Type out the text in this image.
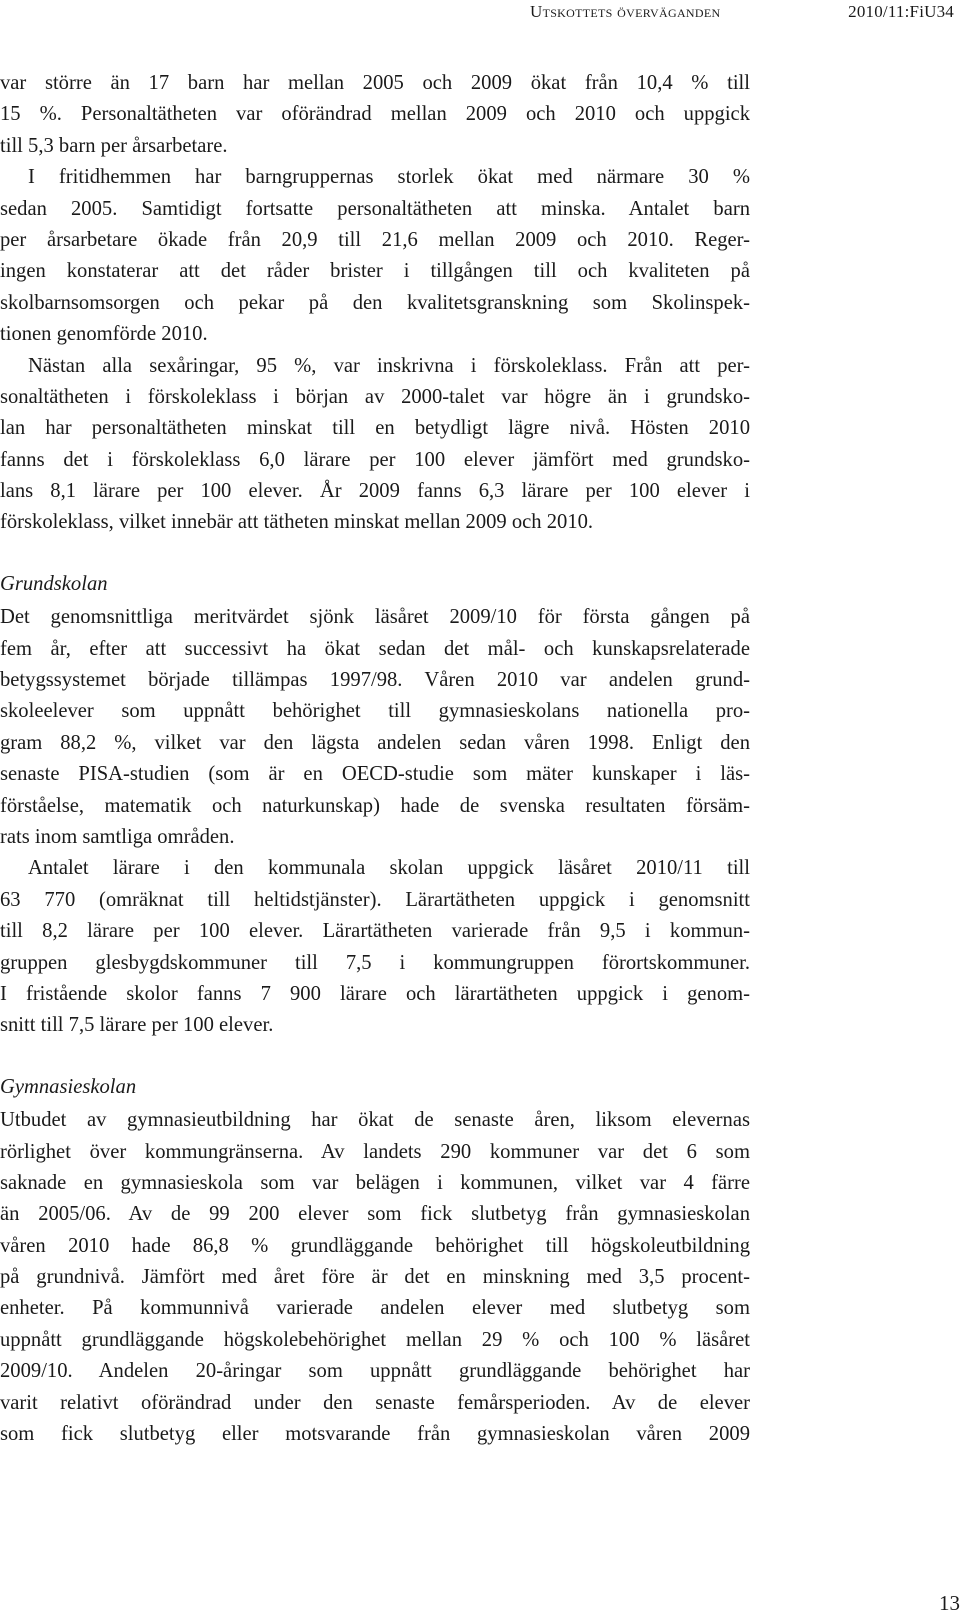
Utskottets överväganden	2010/11:FiU34
var större än 17 barn har mellan 2005 och 2009 ökat från 10,4 % till
15 %. Personaltätheten var oförändrad mellan 2009 och 2010 och uppgick
till 5,3 barn per årsarbetare.
I fritidhemmen har barngruppernas storlek ökat med närmare 30 %
sedan 2005. Samtidigt fortsatte personaltätheten att minska. Antalet barn
per årsarbetare ökade från 20,9 till 21,6 mellan 2009 och 2010. Reger-
ingen konstaterar att det råder brister i tillgången till och kvaliteten på
skolbarnsomsorgen och pekar på den kvalitetsgranskning som Skolinspek-
tionen genomförde 2010.
Nästan alla sexåringar, 95 %, var inskrivna i förskoleklass. Från att per-
sonaltätheten i förskoleklass i början av 2000-talet var högre än i grundsko-
lan har personaltätheten minskat till en betydligt lägre nivå. Hösten 2010
fanns det i förskoleklass 6,0 lärare per 100 elever jämfört med grundsko-
lans 8,1 lärare per 100 elever. År 2009 fanns 6,3 lärare per 100 elever i
förskoleklass, vilket innebär att tätheten minskat mellan 2009 och 2010.
Grundskolan
Det genomsnittliga meritvärdet sjönk läsåret 2009/10 för första gången på
fem år, efter att successivt ha ökat sedan det mål- och kunskapsrelaterade
betygssystemet började tillämpas 1997/98. Våren 2010 var andelen grund-
skoleelever som uppnått behörighet till gymnasieskolans nationella pro-
gram 88,2 %, vilket var den lägsta andelen sedan våren 1998. Enligt den
senaste PISA-studien (som är en OECD-studie som mäter kunskaper i läs-
förståelse, matematik och naturkunskap) hade de svenska resultaten försäm-
rats inom samtliga områden.
Antalet lärare i den kommunala skolan uppgick läsåret 2010/11 till
63 770 (omräknat till heltidstjänster). Lärartätheten uppgick i genomsnitt
till 8,2 lärare per 100 elever. Lärartätheten varierade från 9,5 i kommun-
gruppen glesbygdskommuner till 7,5 i kommungruppen förortskommuner.
I fristående skolor fanns 7 900 lärare och lärartätheten uppgick i genom-
snitt till 7,5 lärare per 100 elever.
Gymnasieskolan
Utbudet av gymnasieutbildning har ökat de senaste åren, liksom elevernas
rörlighet över kommungränserna. Av landets 290 kommuner var det 6 som
saknade en gymnasieskola som var belägen i kommunen, vilket var 4 färre
än 2005/06. Av de 99 200 elever som fick slutbetyg från gymnasieskolan
våren 2010 hade 86,8 % grundläggande behörighet till högskoleutbildning
på grundnivå. Jämfört med året före är det en minskning med 3,5 procent-
enheter. På kommunnivå varierade andelen elever med slutbetyg som
uppnått grundläggande högskolebehörighet mellan 29 % och 100 % läsåret
2009/10. Andelen 20-åringar som uppnått grundläggande behörighet har
varit relativt oförändrad under den senaste femårsperioden. Av de elever
som fick slutbetyg eller motsvarande från gymnasieskolan våren 2009
13
